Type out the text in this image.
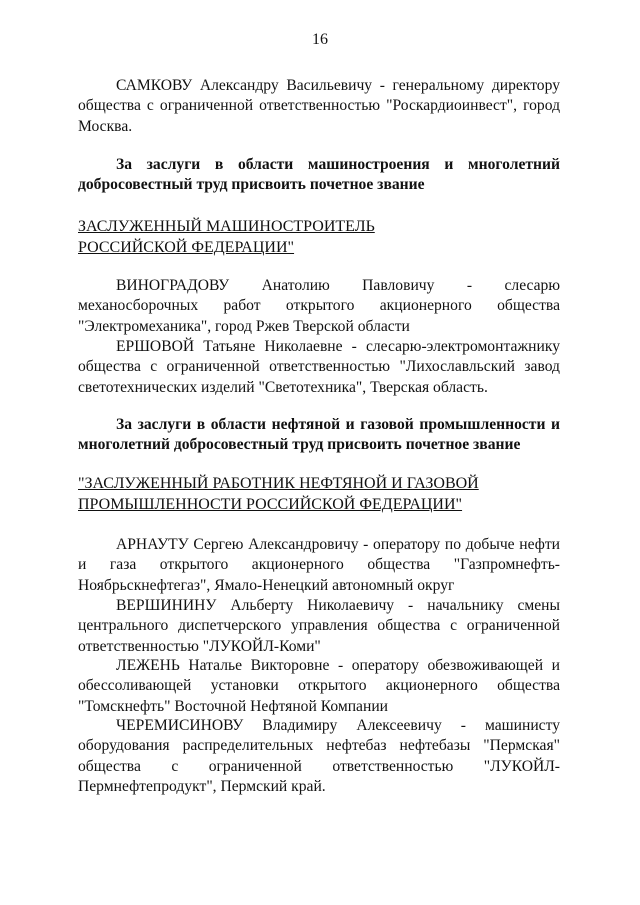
16

САМКОВУ Александру Васильевичу - генеральному директору общества с ограниченной ответственностью "Роскардиоинвест", город Москва.

За заслуги в области машиностроения и многолетний добросовестный труд присвоить почетное звание

ЗАСЛУЖЕННЫЙ МАШИНОСТРОИТЕЛЬ

РОССИЙСКОЙ ФЕДЕРАЦИИ"

ВИНОГРАДОВУ Анатолию Павловичу - слесарю

механосборочных работ открытого акционерного общества "Электромеханика", город Ржев Тверской области

ЕРШОВОЙ Татьяне Николаевне - слесарю-электромонтажнику общества с ограниченной ответственностью "Лихославльский завод светотехнических изделий "Светотехника", Тверская область.

За заслуги в области нефтяной и газовой промышленности и многолетний добросовестный труд присвоить почетное звание

"ЗАСЛУЖЕННЫЙ РАБОТНИК НЕФТЯНОЙ И ГАЗОВОЙ

ПРОМЫШЛЕННОСТИ РОССИЙСКОЙ ФЕДЕРАЦИИ"

АРНАУТУ Сергею Александровичу - оператору по добыче нефти и газа открытого акционерного общества "Газпромнефть-Ноябрьскнефтегаз", Ямало-Ненецкий автономный округ

ВЕРШИНИНУ Альберту Николаевичу - начальнику смены центрального диспетчерского управления общества с ограниченной ответственностью "ЛУКОЙЛ-Коми"

ЛЕЖЕНЬ Наталье Викторовне - оператору обезвоживающей и обессоливающей установки открытого акционерного общества "Томскнефть" Восточной Нефтяной Компании

ЧЕРЕМИСИНОВУ Владимиру Алексеевичу - машинисту оборудования распределительных нефтебаз нефтебазы "Пермская" общества с ограниченной ответственностью "ЛУКОЙЛ-Пермнефтепродукт", Пермский край.
